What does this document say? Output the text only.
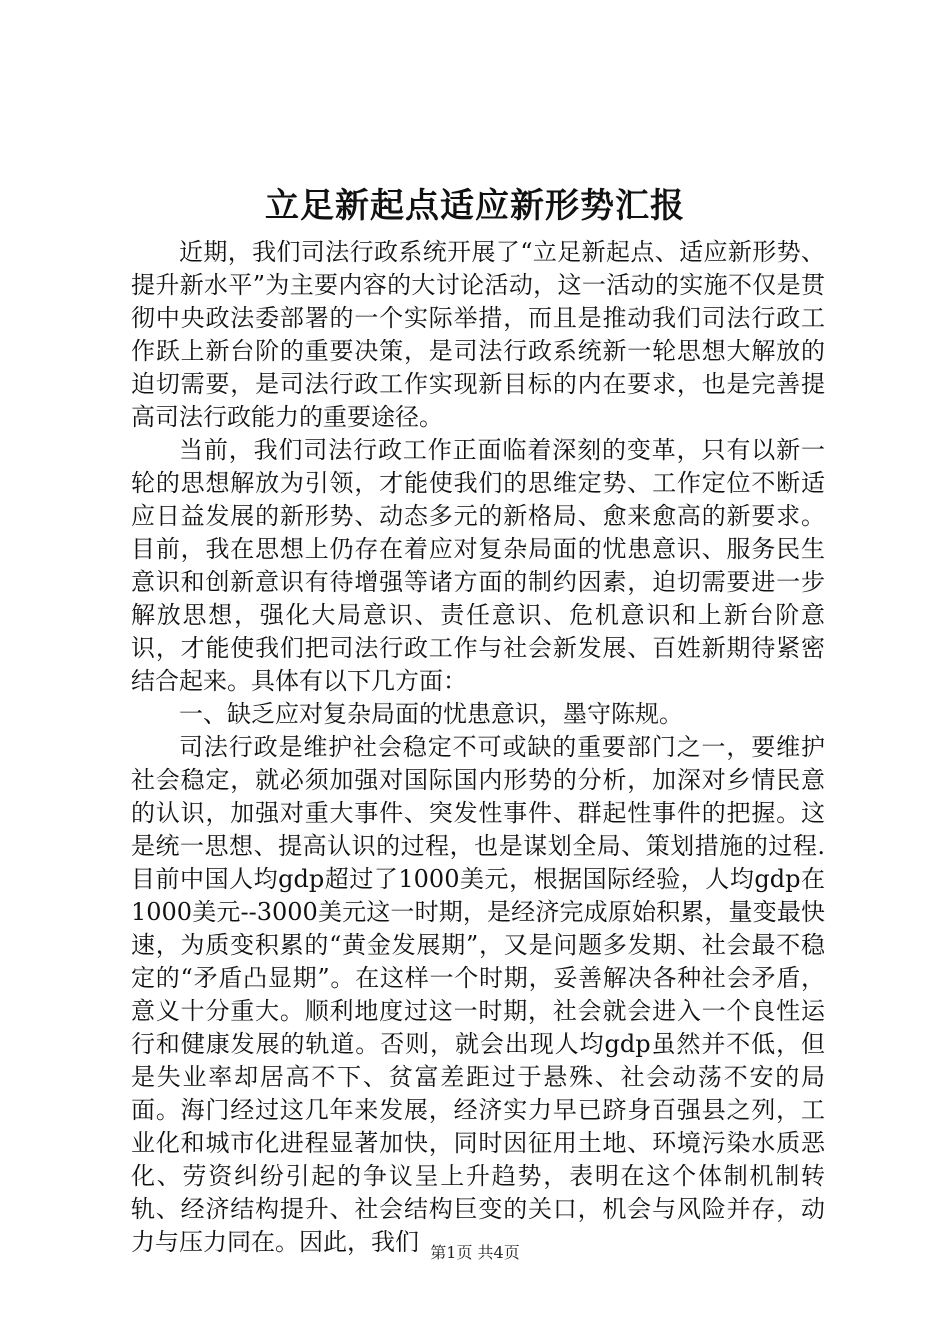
立足新起点适应新形势汇报

近期，我们司法行政系统开展了“立足新起点、适应新形势、提升新水平”为主要内容的大讨论活动，这一活动的实施不仅是贯彻中央政法委部署的一个实际举措，而且是推动我们司法行政工作跃上新台阶的重要决策，是司法行政系统新一轮思想大解放的迫切需要，是司法行政工作实现新目标的内在要求，也是完善提高司法行政能力的重要途径。

当前，我们司法行政工作正面临着深刻的变革，只有以新一轮的思想解放为引领，才能使我们的思维定势、工作定位不断适应日益发展的新形势、动态多元的新格局、愈来愈高的新要求。目前，我在思想上仍存在着应对复杂局面的忧患意识、服务民生意识和创新意识有待增强等诸方面的制约因素，迫切需要进一步解放思想，强化大局意识、责任意识、危机意识和上新台阶意识，才能使我们把司法行政工作与社会新发展、百姓新期待紧密结合起来。具体有以下几方面：

一、缺乏应对复杂局面的忧患意识，墨守陈规。

司法行政是维护社会稳定不可或缺的重要部门之一，要维护社会稳定，就必须加强对国际国内形势的分析，加深对乡情民意的认识，加强对重大事件、突发性事件、群起性事件的把握。这是统一思想、提高认识的过程，也是谋划全局、策划措施的过程.目前中国人均gdp超过了1000美元，根据国际经验，人均gdp在1000美元--3000美元这一时期，是经济完成原始积累，量变最快速，为质变积累的“黄金发展期”，又是问题多发期、社会最不稳定的“矛盾凸显期”。在这样一个时期，妥善解决各种社会矛盾，意义十分重大。顺利地度过这一时期，社会就会进入一个良性运行和健康发展的轨道。否则，就会出现人均gdp虽然并不低，但是失业率却居高不下、贫富差距过于悬殊、社会动荡不安的局面。海门经过这几年来发展，经济实力早已跻身百强县之列，工业化和城市化进程显著加快，同时因征用土地、环境污染水质恶化、劳资纠纷引起的争议呈上升趋势，表明在这个体制机制转轨、经济结构提升、社会结构巨变的关口，机会与风险并存，动力与压力同在。因此，我们 第1页 共4页
